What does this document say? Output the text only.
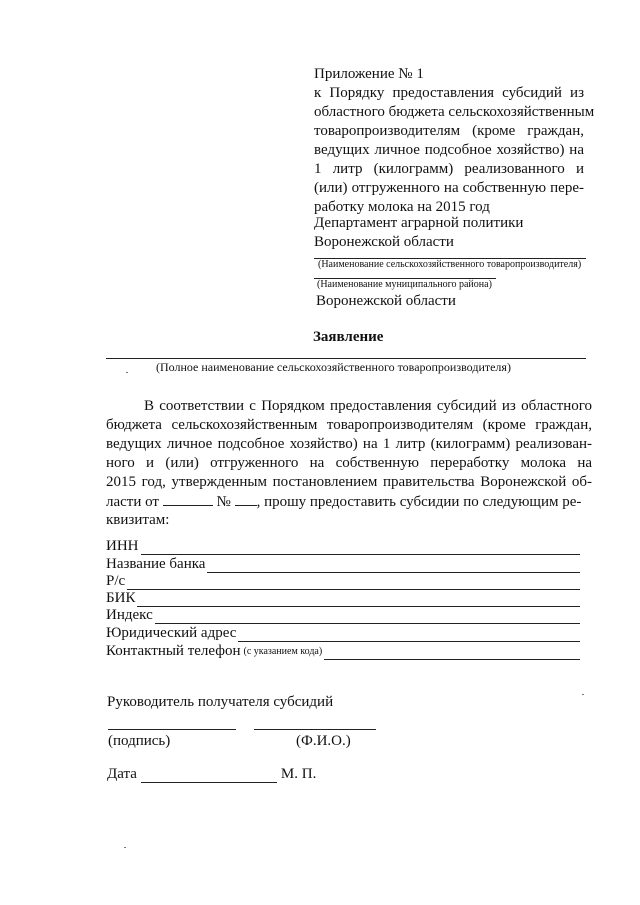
Приложение № 1
к Порядку предоставления субсидий из
областного бюджета сельскохозяйственным
товаропроизводителям (кроме граждан,
ведущих личное подсобное хозяйство) на
1 литр (килограмм) реализованного и
(или) отгруженного на собственную пере-
работку молока на 2015 год
Департамент аграрной политики
Воронежской области
(Наименование сельскохозяйственного товаропроизводителя)
(Наименование муниципального района)
Воронежской области
Заявление
(Полное наименование сельскохозяйственного товаропроизводителя)
В соответствии с Порядком предоставления субсидий из областного
бюджета сельскохозяйственным товаропроизводителям (кроме граждан,
ведущих личное подсобное хозяйство) на 1 литр (килограмм) реализован-
ного и (или) отгруженного на собственную переработку молока на
2015 год, утвержденным постановлением правительства Воронежской об-
ласти от	№ , прошу предоставить субсидии по следующим ре-
квизитам:
ИНН
Название банка
Р/с
БИК
Индекс
Юридический адрес
Контактный телефон (с указанием кода)
Руководитель получателя субсидий
(подпись)	(Ф.И.О.)
Дата	М. П.
